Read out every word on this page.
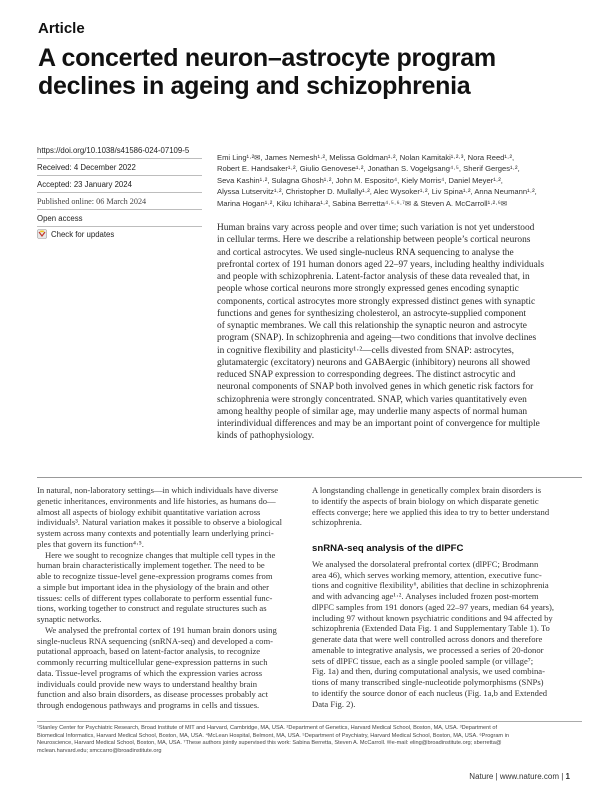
Article
A concerted neuron–astrocyte program
declines in ageing and schizophrenia
https://doi.org/10.1038/s41586-024-07109-5
Received: 4 December 2022
Accepted: 23 January 2024
Published online: 06 March 2024
Open access
Check for updates

Emi Ling¹·²✉, James Nemesh¹·², Melissa Goldman¹·², Nolan Kamitaki¹·²·³, Nora Reed¹·²,

Robert E. Handsaker¹·², Giulio Genovese¹·², Jonathan S. Vogelgsang⁴·⁵, Sherif Gerges¹·²,

Seva Kashin¹·², Sulagna Ghosh¹·², John M. Esposito⁴, Kiely Morris⁴, Daniel Meyer¹·²,

Alyssa Lutservitz¹·², Christopher D. Mullally¹·², Alec Wysoker¹·², Liv Spina¹·², Anna Neumann¹·²,

Marina Hogan¹·², Kiku Ichihara¹·², Sabina Berretta⁴·⁵·⁶·⁷✉ & Steven A. McCarroll¹·²·⁶✉

Human brains vary across people and over time; such variation is not yet understood

in cellular terms. Here we describe a relationship between people’s cortical neurons

and cortical astrocytes. We used single-nucleus RNA sequencing to analyse the

prefrontal cortex of 191 human donors aged 22–97 years, including healthy individuals

and people with schizophrenia. Latent-factor analysis of these data revealed that, in

people whose cortical neurons more strongly expressed genes encoding synaptic

components, cortical astrocytes more strongly expressed distinct genes with synaptic

functions and genes for synthesizing cholesterol, an astrocyte-supplied component

of synaptic membranes. We call this relationship the synaptic neuron and astrocyte

program (SNAP). In schizophrenia and ageing—two conditions that involve declines

in cognitive flexibility and plasticity¹·²—cells divested from SNAP: astrocytes,

glutamatergic (excitatory) neurons and GABAergic (inhibitory) neurons all showed

reduced SNAP expression to corresponding degrees. The distinct astrocytic and

neuronal components of SNAP both involved genes in which genetic risk factors for

schizophrenia were strongly concentrated. SNAP, which varies quantitatively even

among healthy people of similar age, may underlie many aspects of normal human

interindividual differences and may be an important point of convergence for multiple

kinds of pathophysiology.

In natural, non-laboratory settings—in which individuals have diverse

genetic inheritances, environments and life histories, as humans do—

almost all aspects of biology exhibit quantitative variation across

individuals³. Natural variation makes it possible to observe a biological

system across many contexts and potentially learn underlying princi-

ples that govern its function⁴·⁵.

Here we sought to recognize changes that multiple cell types in the

human brain characteristically implement together. The need to be

able to recognize tissue-level gene-expression programs comes from

a simple but important idea in the physiology of the brain and other

tissues: cells of different types collaborate to perform essential func-

tions, working together to construct and regulate structures such as

synaptic networks.

We analysed the prefrontal cortex of 191 human brain donors using

single-nucleus RNA sequencing (snRNA-seq) and developed a com-

putational approach, based on latent-factor analysis, to recognize

commonly recurring multicellular gene-expression patterns in such

data. Tissue-level programs of which the expression varies across

individuals could provide new ways to understand healthy brain

function and also brain disorders, as disease processes probably act

through endogenous pathways and programs in cells and tissues.

A longstanding challenge in genetically complex brain disorders is

to identify the aspects of brain biology on which disparate genetic

effects converge; here we applied this idea to try to better understand

schizophrenia.

snRNA-seq analysis of the dlPFC

We analysed the dorsolateral prefrontal cortex (dlPFC; Brodmann

area 46), which serves working memory, attention, executive func-

tions and cognitive flexibility⁶, abilities that decline in schizophrenia

and with advancing age¹·². Analyses included frozen post-mortem

dlPFC samples from 191 donors (aged 22–97 years, median 64 years),

including 97 without known psychiatric conditions and 94 affected by

schizophrenia (Extended Data Fig. 1 and Supplementary Table 1). To

generate data that were well controlled across donors and therefore

amenable to integrative analysis, we processed a series of 20-donor

sets of dlPFC tissue, each as a single pooled sample (or village⁷;

Fig. 1a) and then, during computational analysis, we used combina-

tions of many transcribed single-nucleotide polymorphisms (SNPs)

to identify the source donor of each nucleus (Fig. 1a,b and Extended

Data Fig. 2).

¹Stanley Center for Psychiatric Research, Broad Institute of MIT and Harvard, Cambridge, MA, USA. ²Department of Genetics, Harvard Medical School, Boston, MA, USA. ³Department of

Biomedical Informatics, Harvard Medical School, Boston, MA, USA. ⁴McLean Hospital, Belmont, MA, USA. ⁵Department of Psychiatry, Harvard Medical School, Boston, MA, USA. ⁶Program in

Neuroscience, Harvard Medical School, Boston, MA, USA. ⁷These authors jointly supervised this work: Sabina Berretta, Steven A. McCarroll. ✉e-mail: eling@broadinstitute.org; sberretta@

mclean.harvard.edu; smccarro@broadinstitute.org

Nature | www.nature.com | 1
